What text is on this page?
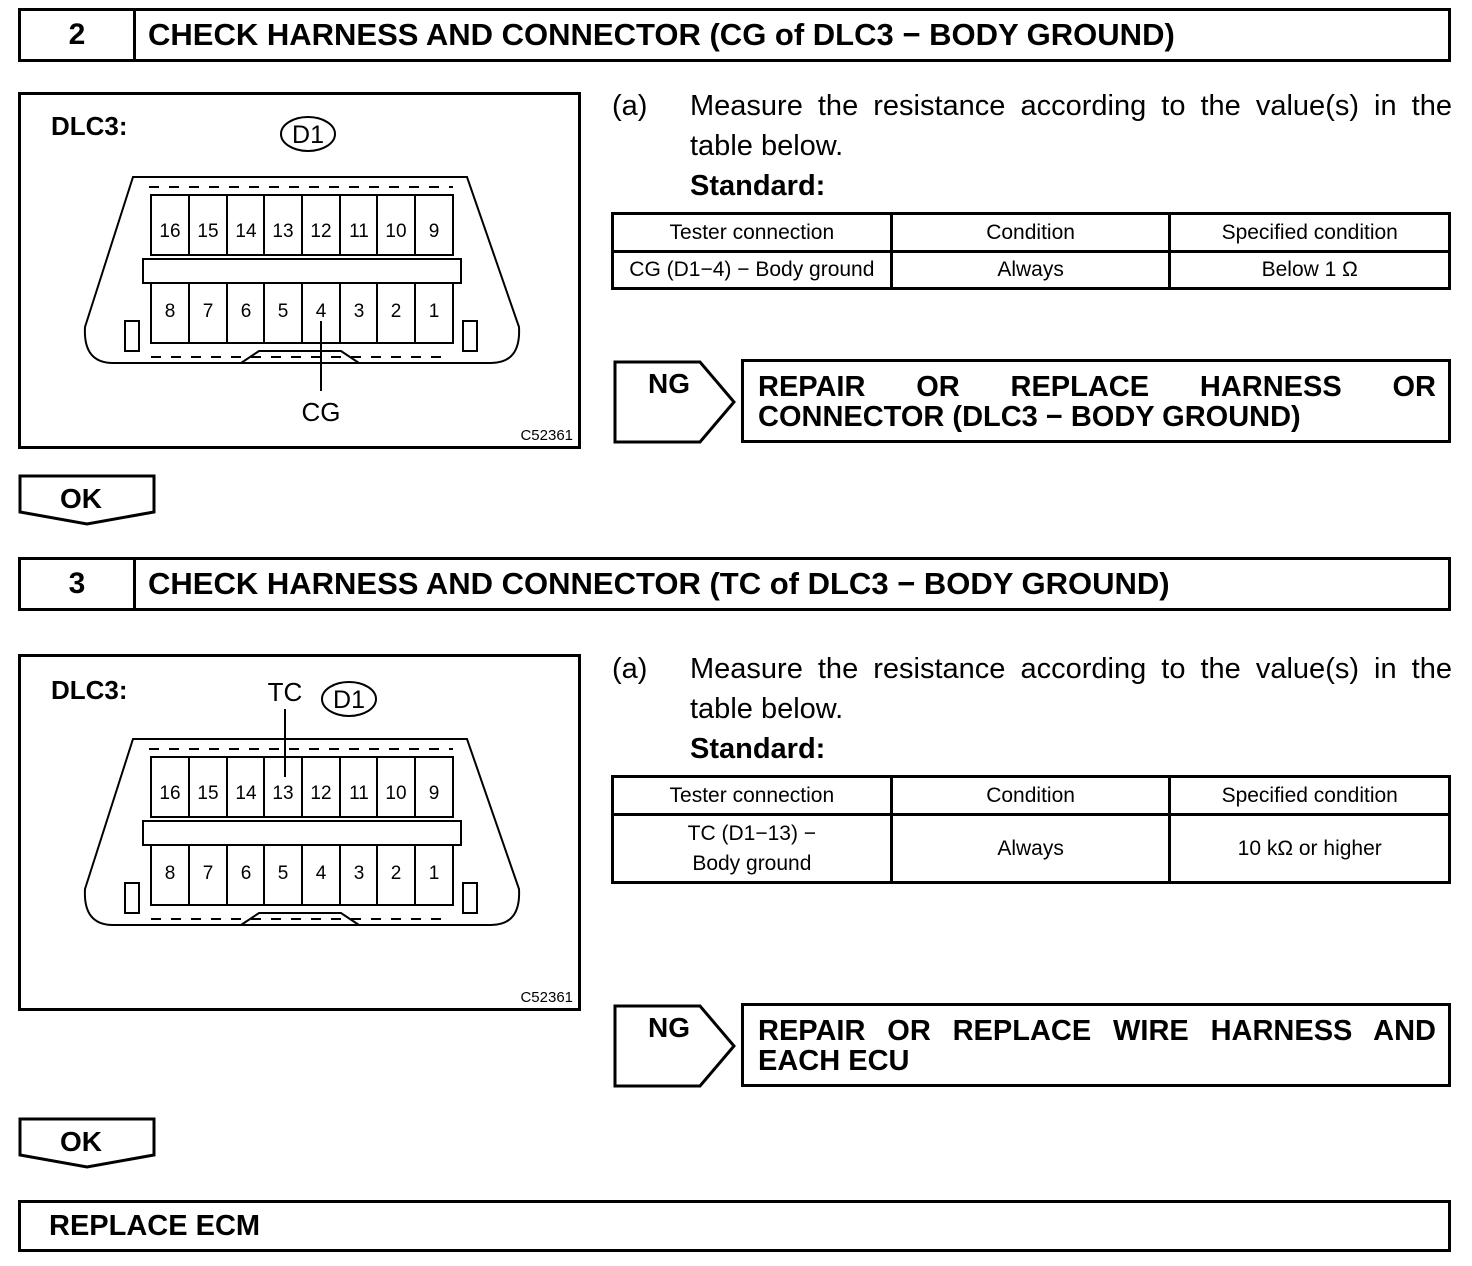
2	CHECK HARNESS AND CONNECTOR (CG of DLC3 − BODY GROUND)
DLC3:	D1
16 15 14 13 12 11 10 9
8 7 6 5 4 3 2 1
CG
C52361
(a) Measure the resistance according to the value(s) in the table below.
Standard:
Tester connection	Condition	Specified condition
CG (D1−4) − Body ground	Always	Below 1 Ω
NG	REPAIR OR REPLACE HARNESS OR CONNECTOR (DLC3 − BODY GROUND)
OK
3	CHECK HARNESS AND CONNECTOR (TC of DLC3 − BODY GROUND)
DLC3:	TC D1
16 15 14 13 12 11 10 9
8 7 6 5 4 3 2 1
C52361
(a) Measure the resistance according to the value(s) in the table below.
Standard:
Tester connection	Condition	Specified condition
TC (D1−13) − Body ground	Always	10 kΩ or higher
NG	REPAIR OR REPLACE WIRE HARNESS AND EACH ECU
OK
REPLACE ECM
